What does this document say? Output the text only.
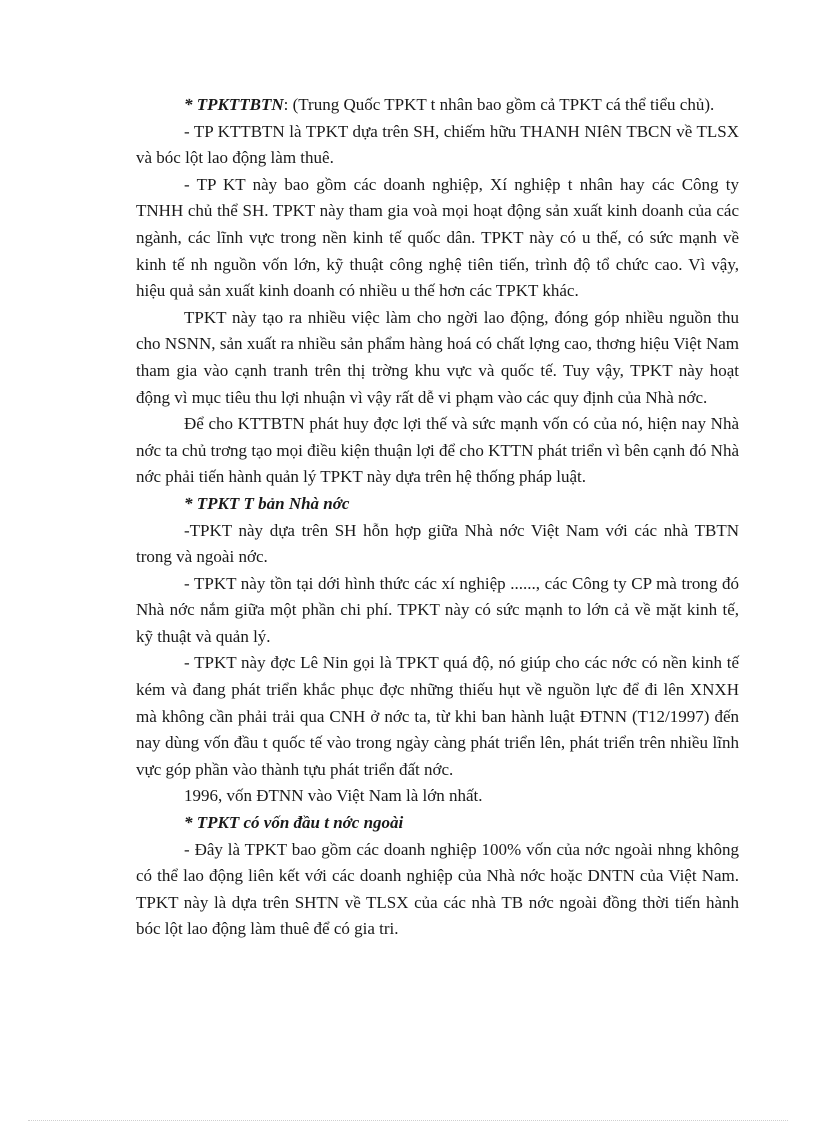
* TPKTTBTN: (Trung Quốc TPKT t nhân bao gồm cả TPKT cá thể tiểu chủ).

- TP KTTBTN là TPKT dựa trên SH, chiếm hữu THANH NIêN TBCN về TLSX và bóc lột lao động làm thuê.

- TP KT này bao gồm các doanh nghiệp, Xí nghiệp t nhân hay các Công ty TNHH chủ thể SH. TPKT này tham gia voà mọi hoạt động sản xuất kinh doanh của các ngành, các lĩnh vực trong nền kinh tế quốc dân. TPKT này có u thế, có sức mạnh về kinh tế nh nguồn vốn lớn, kỹ thuật công nghệ tiên tiến, trình độ tổ chức cao. Vì vậy, hiệu quả sản xuất kinh doanh có nhiều u thế hơn các TPKT khác.

TPKT này tạo ra nhiều việc làm cho ngời lao động, đóng góp nhiều nguồn thu cho NSNN, sản xuất ra nhiều sản phẩm hàng hoá có chất lợng cao, thơng hiệu Việt Nam tham gia vào cạnh tranh trên thị trờng khu vực và quốc tế. Tuy vậy, TPKT này hoạt động vì mục tiêu thu lợi nhuận vì vậy rất dễ vi phạm vào các quy định của Nhà nớc.

Để cho KTTBTN phát huy đợc lợi thế và sức mạnh vốn có của nó, hiện nay Nhà nớc ta chủ trơng tạo mọi điều kiện thuận lợi để cho KTTN phát triển vì bên cạnh đó Nhà nớc phải tiến hành quản lý TPKT này dựa trên hệ thống pháp luật.

* TPKT T bản Nhà nớc

-TPKT này dựa trên SH hỗn hợp giữa Nhà nớc Việt Nam với các nhà TBTN trong và ngoài nớc.

- TPKT này tồn tại dới hình thức các xí nghiệp ......, các Công ty CP mà trong đó Nhà nớc nắm giữa một phần chi phí. TPKT này có sức mạnh to lớn cả về mặt kinh tế, kỹ thuật và quản lý.

- TPKT này đợc Lê Nin gọi là TPKT quá độ, nó giúp cho các nớc có nền kinh tế kém và đang phát triển khắc phục đợc những thiếu hụt về nguồn lực để đi lên XNXH mà không cần phải trải qua CNH ở nớc ta, từ khi ban hành luật ĐTNN (T12/1997) đến nay dùng vốn đầu t quốc tế vào trong ngày càng phát triển lên, phát triển trên nhiều lĩnh vực góp phần vào thành tựu phát triển đất nớc.

1996, vốn ĐTNN vào Việt Nam là lớn nhất.

* TPKT có vốn đầu t nớc ngoài

- Đây là TPKT bao gồm các doanh nghiệp 100% vốn của nớc ngoài nhng không có thể lao động liên kết với các doanh nghiệp của Nhà nớc hoặc DNTN của Việt Nam. TPKT này là dựa trên SHTN về TLSX của các nhà TB nớc ngoài đồng thời tiến hành bóc lột lao động làm thuê để có gia tri.
